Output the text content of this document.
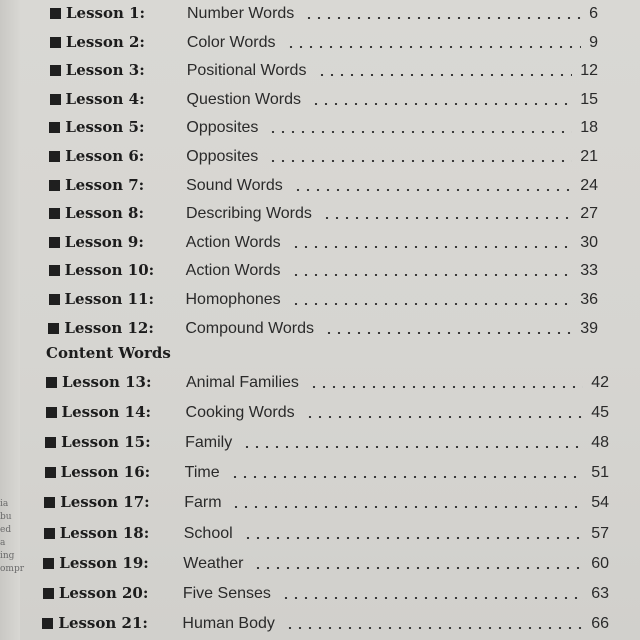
ia bu
ed a
ing
ompr
Lesson 1:	Number Words	6
Lesson 2:	Color Words	9
Lesson 3:	Positional Words	12
Lesson 4:	Question Words	15
Lesson 5:	Opposites	18
Lesson 6:	Opposites	21
Lesson 7:	Sound Words	24
Lesson 8:	Describing Words	27
Lesson 9:	Action Words	30
Lesson 10: Action Words	33
Lesson 11: Homophones	36
Lesson 12: Compound Words	39
Content Words
Lesson 13: Animal Families	42
Lesson 14: Cooking Words	45
Lesson 15: Family	48
Lesson 16: Time	51
Lesson 17: Farm	54
Lesson 18: School	57
Lesson 19: Weather	60
Lesson 20: Five Senses	63
Lesson 21: Human Body	66
